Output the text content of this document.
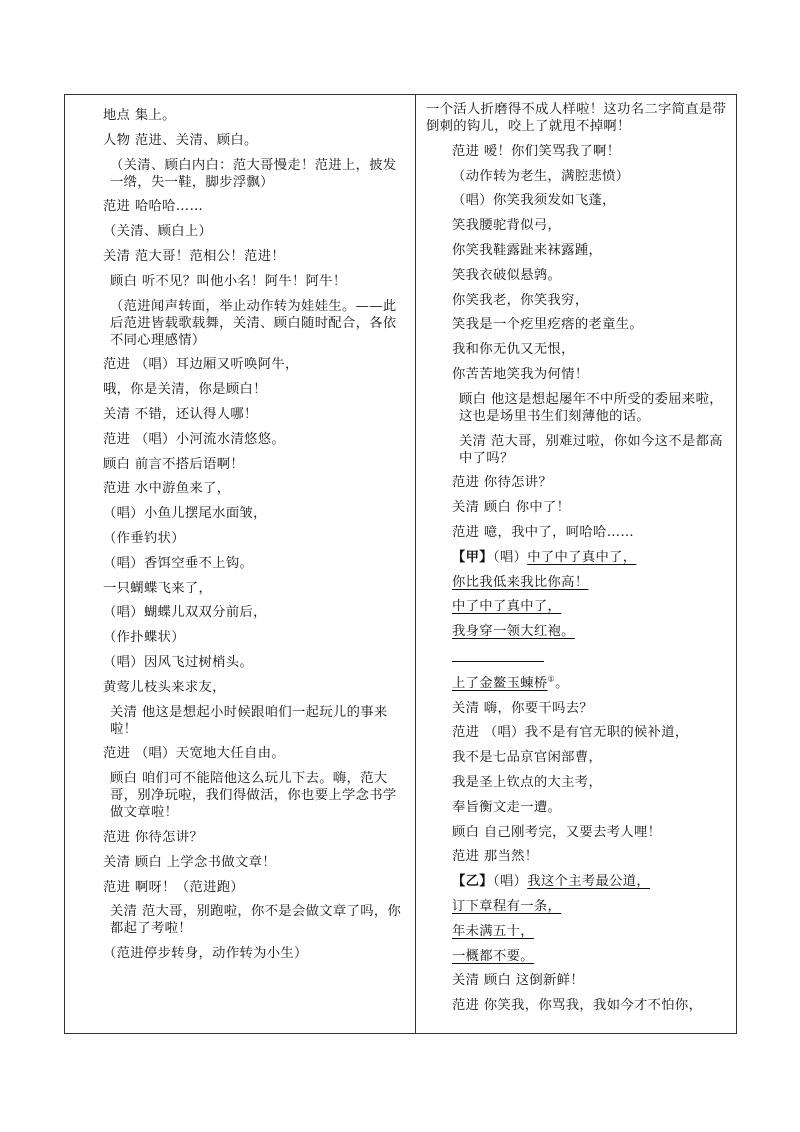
地点 集上。

人物 范进、关清、顾白。

（关清、顾白内白：范大哥慢走！范进上，披发一绺，失一鞋，脚步浮飘）

范进 哈哈哈……

（关清、顾白上）

关清 范大哥！范相公！范进！

顾白 听不见？叫他小名！阿牛！阿牛！

（范进闻声转面，举止动作转为娃娃生。——此后范进皆载歌载舞，关清、顾白随时配合，各依不同心理感情）

范进 （唱）耳边厢又听唤阿牛，

哦，你是关清，你是顾白！

关清 不错，还认得人哪！

范进 （唱）小河流水清悠悠。

顾白 前言不搭后语啊！

范进 水中游鱼来了，

（唱）小鱼儿摆尾水面皱，

（作垂钓状）

（唱）香饵空垂不上钩。

一只蝴蝶飞来了，

（唱）蝴蝶儿双双分前后，

（作扑蝶状）

（唱）因风飞过树梢头。

黄莺儿枝头来求友，

关清 他这是想起小时候跟咱们一起玩儿的事来啦！

范进 （唱）天宽地大任自由。

顾白 咱们可不能陪他这么玩儿下去。嗨，范大哥，别净玩啦，我们得做活，你也要上学念书学做文章啦！

范进 你待怎讲？

关清 顾白 上学念书做文章！

范进 啊呀！（范进跑）

关清 范大哥，别跑啦，你不是会做文章了吗，你都起了考啦！

（范进停步转身，动作转为小生）

一个活人折磨得不成人样啦！这功名二字简直是带倒刺的钩儿，咬上了就甩不掉啊！

范进 嗳！你们笑骂我了啊！

（动作转为老生，满腔悲愤）

（唱）你笑我须发如飞蓬，

笑我腰驼背似弓，

你笑我鞋露趾来袜露踵，

笑我衣破似悬鹑。

你笑我老，你笑我穷，

笑我是一个疙里疙瘩的老童生。

我和你无仇又无恨，

你苦苦地笑我为何情！

顾白 他这是想起屡年不中所受的委屈来啦，这也是场里书生们刻薄他的话。

关清 范大哥，别难过啦，你如今这不是都高中了吗？

范进 你待怎讲？

关清 顾白 你中了！

范进 噫，我中了，呵哈哈……

【甲】（唱）中了中了真中了，

你比我低来我比你高！

中了中了真中了，

我身穿一领大红袍。

上了金鳌玉蝀桥①。

关清 嗨，你要干吗去？

范进 （唱）我不是有官无职的候补道，

我不是七品京官闲部曹，

我是圣上钦点的大主考，

奉旨衡文走一遭。

顾白 自己刚考完，又要去考人哩！

范进 那当然！

【乙】（唱）我这个主考最公道，

订下章程有一条，

年未满五十，

一概都不要。

关清 顾白 这倒新鲜！

范进 你笑我，你骂我，我如今才不怕你，
